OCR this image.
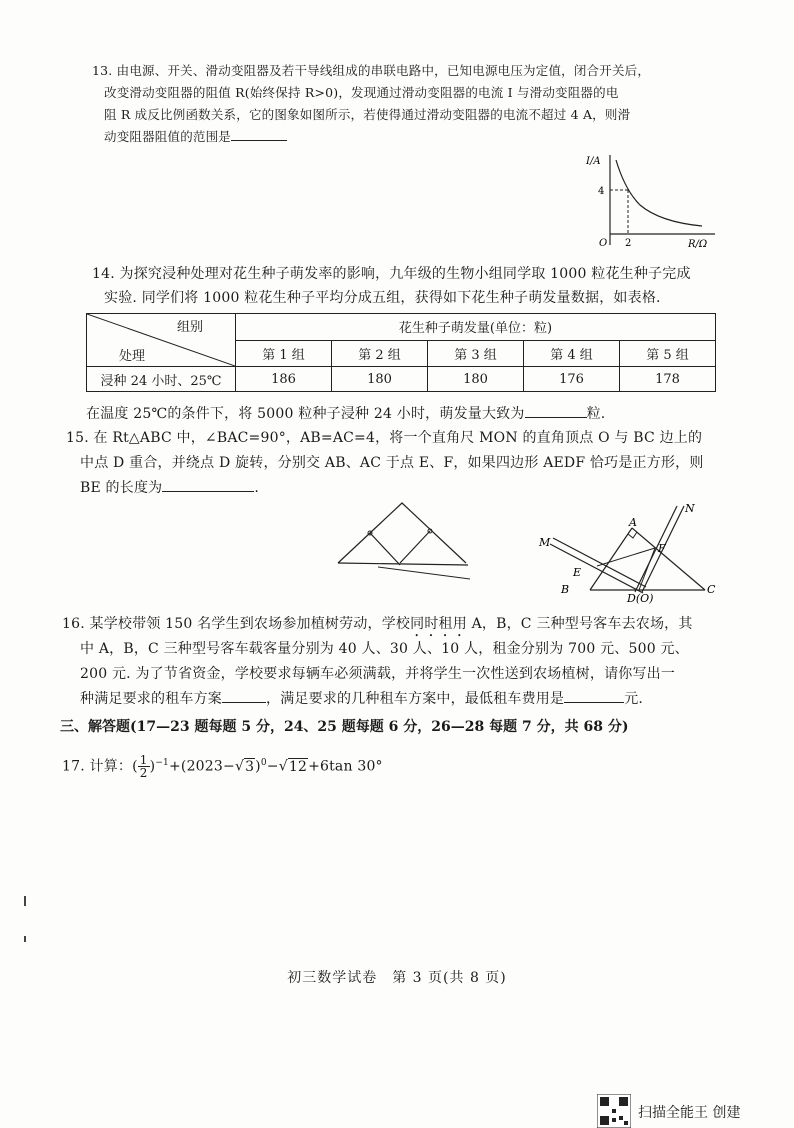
13. 由电源、开关、滑动变阻器及若干导线组成的串联电路中，已知电源电压为定值，闭合开关后，
改变滑动变阻器的阻值 R(始终保持 R>0)，发现通过滑动变阻器的电流 I 与滑动变阻器的电
阻 R 成反比例函数关系，它的图象如图所示，若使得通过滑动变阻器的电流不超过 4 A，则滑
动变阻器阻值的范围是
I/A
4
O 2	R/Ω
14. 为探究浸种处理对花生种子萌发率的影响，九年级的生物小组同学取 1000 粒花生种子完成
实验. 同学们将 1000 粒花生种子平均分成五组，获得如下花生种子萌发量数据，如表格.
组别
处理	花生种子萌发量(单位：粒)				
	第 1 组	第 2 组	第 3 组	第 4 组	第 5 组
浸种 24 小时、25℃	186	180	180	176	178
在温度 25℃的条件下，将 5000 粒种子浸种 24 小时，萌发量大致为	粒.
15. 在 Rt△ABC 中，∠BAC=90°，AB=AC=4，将一个直角尺 MON 的直角顶点 O 与 BC 边上的
中点 D 重合，并绕点 D 旋转，分别交 AB、AC 于点 E、F，如果四边形 AEDF 恰巧是正方形，则
BE 的长度为	.
N
A
M	F
E
B
D(O)
C
16. 某学校带领 150 名学生到农场参加植树劳动，学校同时租用 A，B，C 三种型号客车去农场，其
中 A，B，C 三种型号客车载客量分别为 40 人、30 人、10 人，租金分别为 700 元、500 元、
200 元. 为了节省资金，学校要求每辆车必须满载，并将学生一次性送到农场植树，请你写出一
种满足要求的租车方案	，满足要求的几种租车方案中，最低租车费用是	元.
三、解答题(17—23 题每题 5 分，24、25 题每题 6 分，26—28 每题 7 分，共 68 分)
17. 计算：( $\frac{1}{2} )^{-1}+(2023-√3)^0-√12+6\tan$ 30°
初三数学试卷　第 3 页(共 8 页)
扫描全能王 创建
